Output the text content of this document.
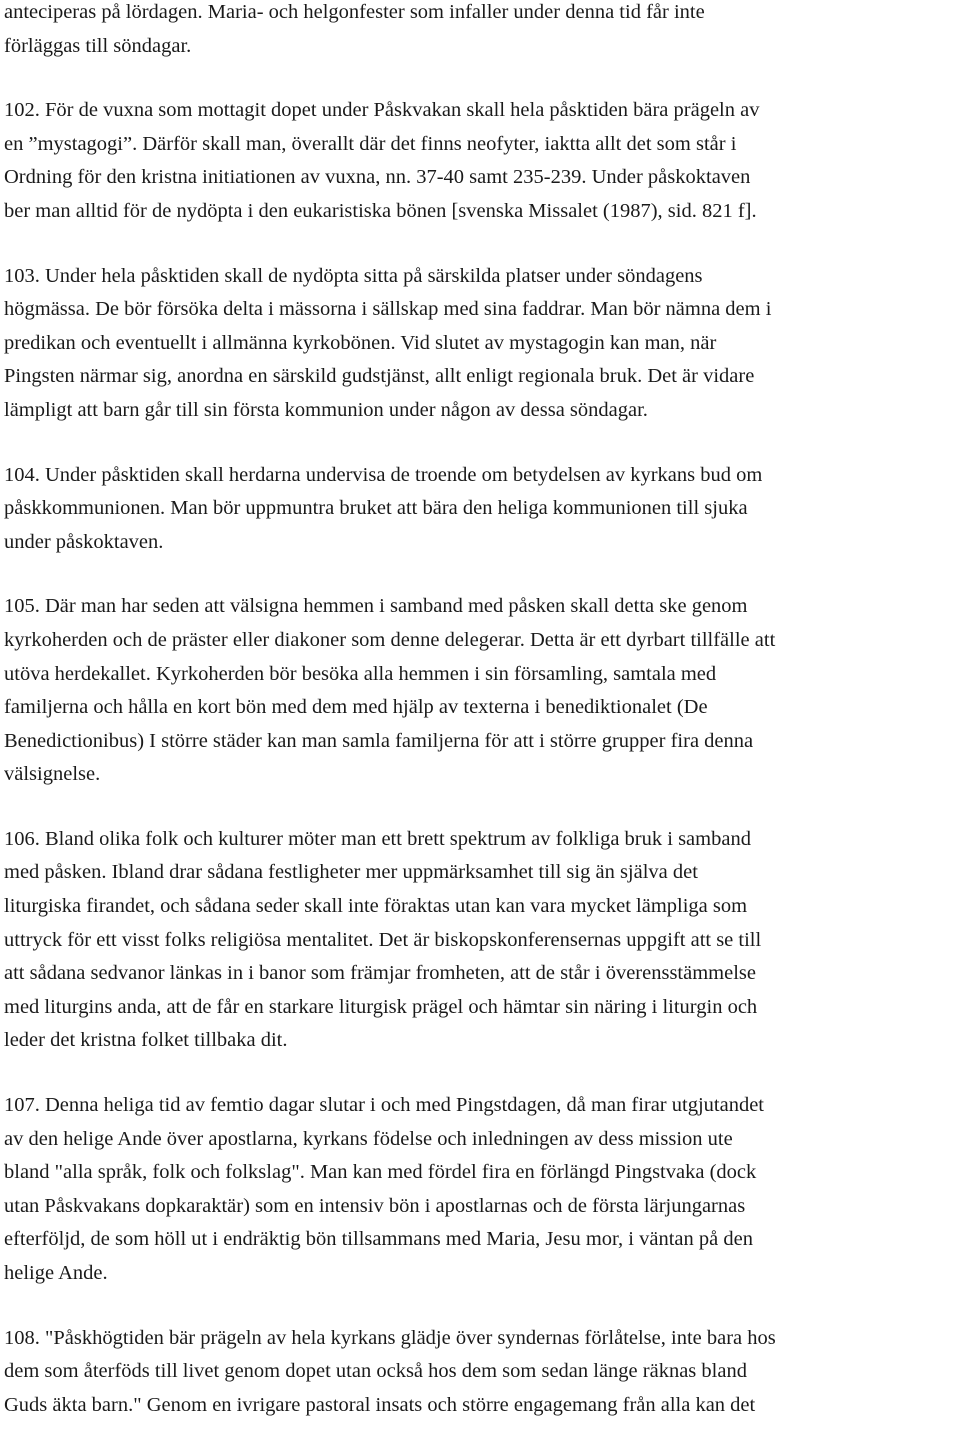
anteciperas på lördagen. Maria- och helgonfester som infaller under denna tid får inte

förläggas till söndagar.

102. För de vuxna som mottagit dopet under Påskvakan skall hela påsktiden bära prägeln av

en ”mystagogi”. Därför skall man, överallt där det finns neofyter, iaktta allt det som står i

Ordning för den kristna initiationen av vuxna, nn. 37-40 samt 235-239. Under påskoktaven

ber man alltid för de nydöpta i den eukaristiska bönen [svenska Missalet (1987), sid. 821 f].

103. Under hela påsktiden skall de nydöpta sitta på särskilda platser under söndagens

högmässa. De bör försöka delta i mässorna i sällskap med sina faddrar. Man bör nämna dem i

predikan och eventuellt i allmänna kyrkobönen. Vid slutet av mystagogin kan man, när

Pingsten närmar sig, anordna en särskild gudstjänst, allt enligt regionala bruk. Det är vidare

lämpligt att barn går till sin första kommunion under någon av dessa söndagar.

104. Under påsktiden skall herdarna undervisa de troende om betydelsen av kyrkans bud om

påskkommunionen. Man bör uppmuntra bruket att bära den heliga kommunionen till sjuka

under påskoktaven.

105. Där man har seden att välsigna hemmen i samband med påsken skall detta ske genom

kyrkoherden och de präster eller diakoner som denne delegerar. Detta är ett dyrbart tillfälle att

utöva herdekallet. Kyrkoherden bör besöka alla hemmen i sin församling, samtala med

familjerna och hålla en kort bön med dem med hjälp av texterna i benediktionalet (De

Benedictionibus) I större städer kan man samla familjerna för att i större grupper fira denna

välsignelse.

106. Bland olika folk och kulturer möter man ett brett spektrum av folkliga bruk i samband

med påsken. Ibland drar sådana festligheter mer uppmärksamhet till sig än själva det

liturgiska firandet, och sådana seder skall inte föraktas utan kan vara mycket lämpliga som

uttryck för ett visst folks religiösa mentalitet. Det är biskopskonferensernas uppgift att se till

att sådana sedvanor länkas in i banor som främjar fromheten, att de står i överensstämmelse

med liturgins anda, att de får en starkare liturgisk prägel och hämtar sin näring i liturgin och

leder det kristna folket tillbaka dit.

107. Denna heliga tid av femtio dagar slutar i och med Pingstdagen, då man firar utgjutandet

av den helige Ande över apostlarna, kyrkans födelse och inledningen av dess mission ute

bland "alla språk, folk och folkslag". Man kan med fördel fira en förlängd Pingstvaka (dock

utan Påskvakans dopkaraktär) som en intensiv bön i apostlarnas och de första lärjungarnas

efterföljd, de som höll ut i endräktig bön tillsammans med Maria, Jesu mor, i väntan på den

helige Ande.

108. "Påskhögtiden bär prägeln av hela kyrkans glädje över syndernas förlåtelse, inte bara hos

dem som återföds till livet genom dopet utan också hos dem som sedan länge räknas bland

Guds äkta barn." Genom en ivrigare pastoral insats och större engagemang från alla kan det
